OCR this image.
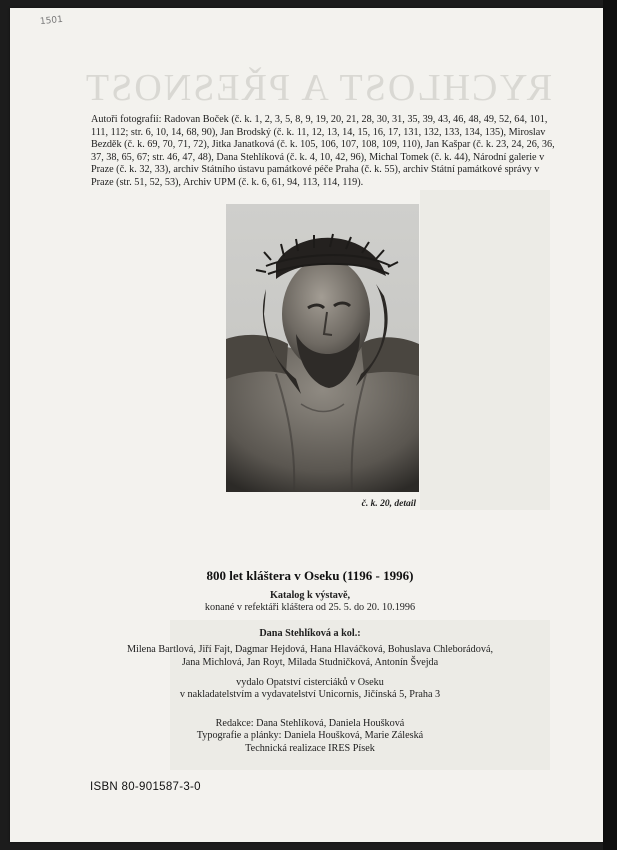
1501
RYCHLOST A PŘESNOST
Autoři fotografií: Radovan Boček (č. k. 1, 2, 3, 5, 8, 9, 19, 20, 21, 28, 30, 31, 35, 39, 43, 46, 48, 49, 52, 64, 101, 111, 112; str. 6, 10, 14, 68, 90), Jan Brodský (č. k. 11, 12, 13, 14, 15, 16, 17, 131, 132, 133, 134, 135), Miroslav Bezděk (č. k. 69, 70, 71, 72), Jitka Janatková (č. k. 105, 106, 107, 108, 109, 110), Jan Kašpar (č. k. 23, 24, 26, 36, 37, 38, 65, 67; str. 46, 47, 48), Dana Stehlíková (č. k. 4, 10, 42, 96), Michal Tomek (č. k. 44), Národní galerie v Praze (č. k. 32, 33), archiv Státního ústavu památkové péče Praha (č. k. 55), archiv Státní památkové správy v Praze (str. 51, 52, 53), Archiv UPM (č. k. 6, 61, 94, 113, 114, 119).
č. k. 20, detail
800 let kláštera v Oseku (1196 - 1996)
Katalog k výstavě,
konané v refektáři kláštera od 25. 5. do 20. 10.1996
Dana Stehlíková a kol.:
Milena Bartlová, Jiří Fajt, Dagmar Hejdová, Hana Hlaváčková, Bohuslava Chleborádová,
Jana Michlová, Jan Royt, Milada Studničková, Antonín Švejda
vydalo Opatství cisterciáků v Oseku
v nakladatelstvím a vydavatelství Unicornis, Jičínská 5, Praha 3
Redakce: Dana Stehlíková, Daniela Houšková
Typografie a plánky: Daniela Houšková, Marie Záleská
Technická realizace IRES Písek
ISBN 80-901587-3-0
